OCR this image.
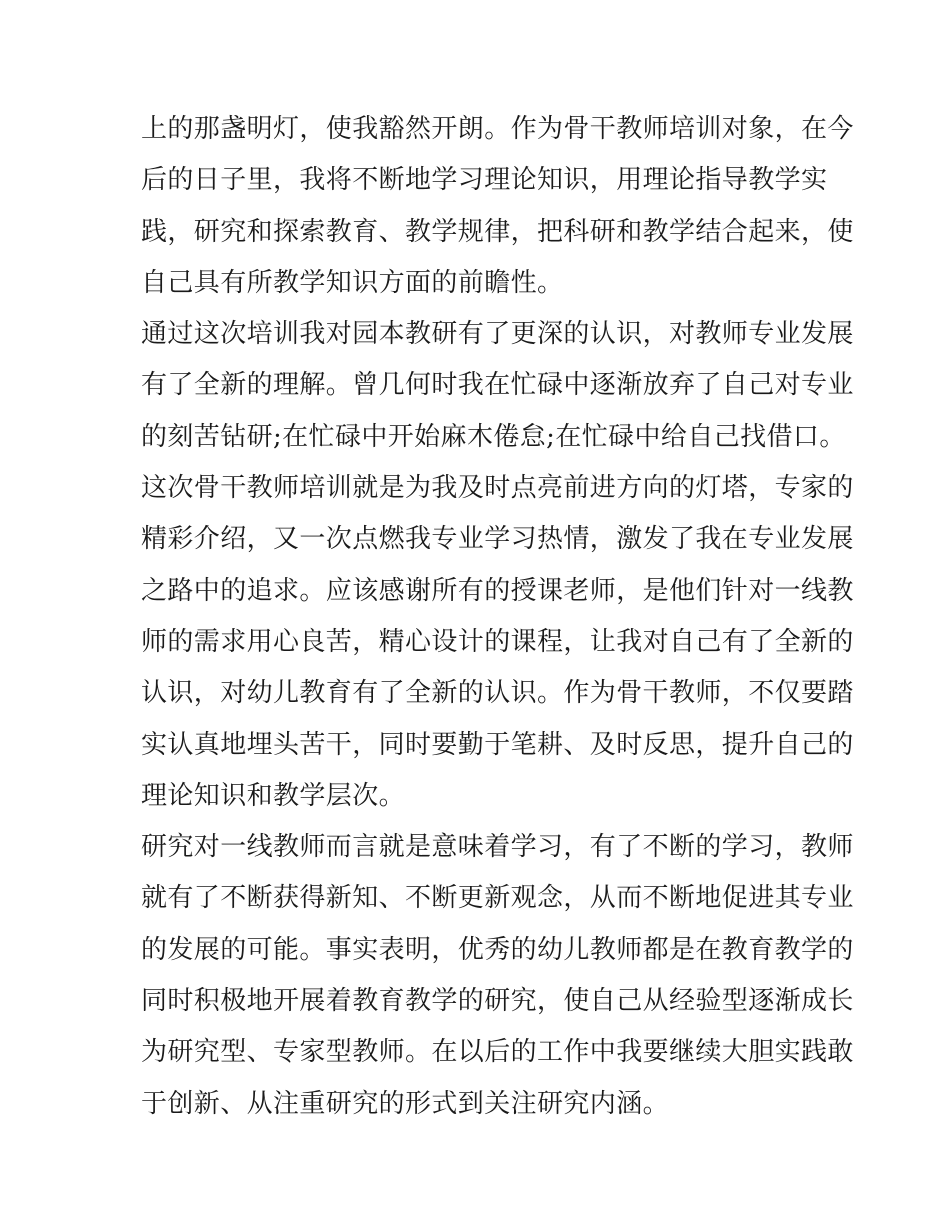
上的那盏明灯，使我豁然开朗。作为骨干教师培训对象，在今
后的日子里，我将不断地学习理论知识，用理论指导教学实
践，研究和探索教育、教学规律，把科研和教学结合起来，使
自己具有所教学知识方面的前瞻性。
通过这次培训我对园本教研有了更深的认识，对教师专业发展
有了全新的理解。曾几何时我在忙碌中逐渐放弃了自己对专业
的刻苦钻研;在忙碌中开始麻木倦怠;在忙碌中给自己找借口。
这次骨干教师培训就是为我及时点亮前进方向的灯塔，专家的
精彩介绍，又一次点燃我专业学习热情，激发了我在专业发展
之路中的追求。应该感谢所有的授课老师，是他们针对一线教
师的需求用心良苦，精心设计的课程，让我对自己有了全新的
认识，对幼儿教育有了全新的认识。作为骨干教师，不仅要踏
实认真地埋头苦干，同时要勤于笔耕、及时反思，提升自己的
理论知识和教学层次。
研究对一线教师而言就是意味着学习，有了不断的学习，教师
就有了不断获得新知、不断更新观念，从而不断地促进其专业
的发展的可能。事实表明，优秀的幼儿教师都是在教育教学的
同时积极地开展着教育教学的研究，使自己从经验型逐渐成长
为研究型、专家型教师。在以后的工作中我要继续大胆实践敢
于创新、从注重研究的形式到关注研究内涵。
